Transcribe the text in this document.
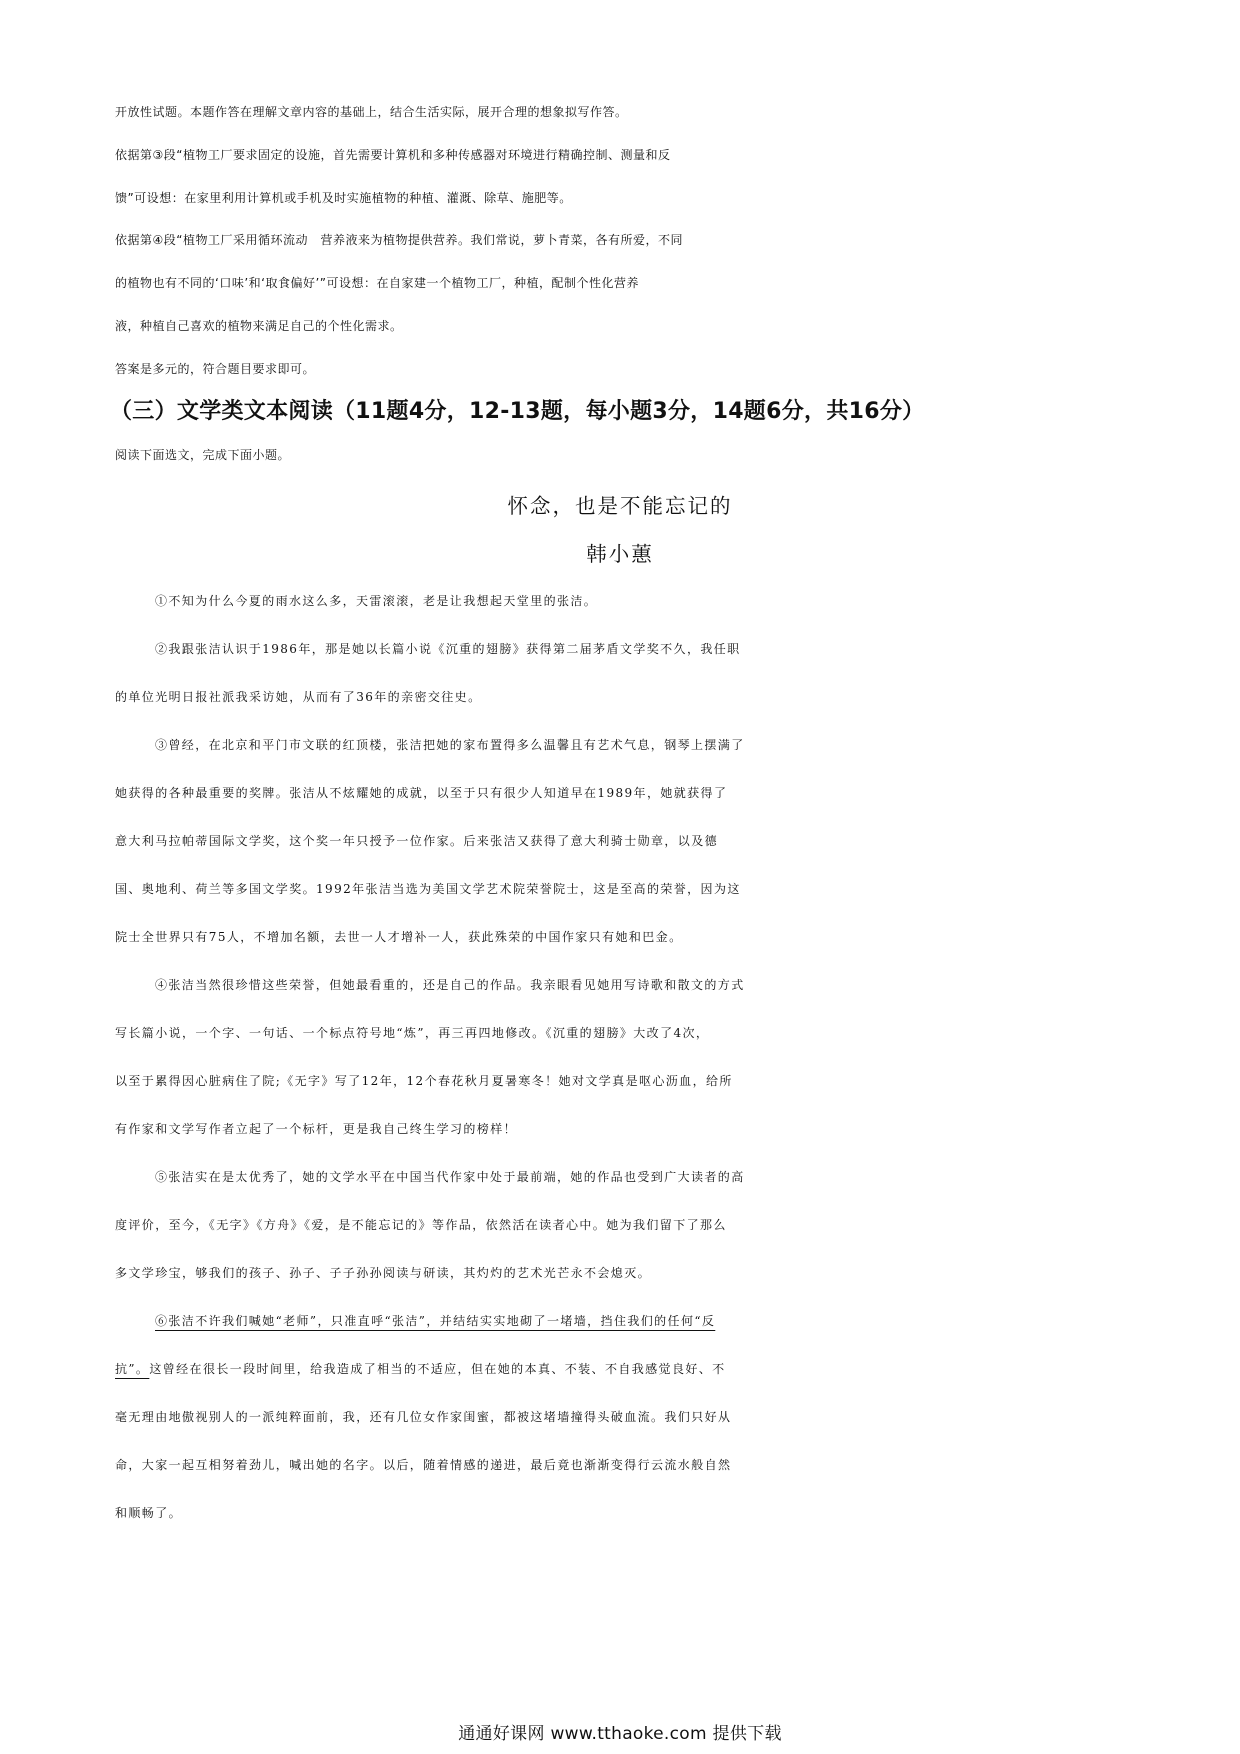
开放性试题。本题作答在理解文章内容的基础上，结合生活实际，展开合理的想象拟写作答。

依据第③段“植物工厂要求固定的设施，首先需要计算机和多种传感器对环境进行精确控制、测量和反

馈”可设想：在家里利用计算机或手机及时实施植物的种植、灌溉、除草、施肥等。

依据第④段“植物工厂采用循环流动　营养液来为植物提供营养。我们常说，萝卜青菜，各有所爱，不同

的植物也有不同的‘口味’和‘取食偏好’”可设想：在自家建一个植物工厂，种植，配制个性化营养

液，种植自己喜欢的植物来满足自己的个性化需求。

答案是多元的，符合题目要求即可。

（三）文学类文本阅读（11题4分，12-13题，每小题3分，14题6分，共16分）

阅读下面选文，完成下面小题。

怀念，也是不能忘记的

韩小蕙

①不知为什么今夏的雨水这么多，天雷滚滚，老是让我想起天堂里的张洁。

②我跟张洁认识于1986年，那是她以长篇小说《沉重的翅膀》获得第二届茅盾文学奖不久，我任职

的单位光明日报社派我采访她，从而有了36年的亲密交往史。

③曾经，在北京和平门市文联的红顶楼，张洁把她的家布置得多么温馨且有艺术气息，钢琴上摆满了

她获得的各种最重要的奖牌。张洁从不炫耀她的成就，以至于只有很少人知道早在1989年，她就获得了

意大利马拉帕蒂国际文学奖，这个奖一年只授予一位作家。后来张洁又获得了意大利骑士勋章，以及德

国、奥地利、荷兰等多国文学奖。1992年张洁当选为美国文学艺术院荣誉院士，这是至高的荣誉，因为这

院士全世界只有75人，不增加名额，去世一人才增补一人，获此殊荣的中国作家只有她和巴金。

④张洁当然很珍惜这些荣誉，但她最看重的，还是自己的作品。我亲眼看见她用写诗歌和散文的方式

写长篇小说，一个字、一句话、一个标点符号地“炼”，再三再四地修改。《沉重的翅膀》大改了4次，

以至于累得因心脏病住了院;《无字》写了12年，12个春花秋月夏暑寒冬！她对文学真是呕心沥血，给所

有作家和文学写作者立起了一个标杆，更是我自己终生学习的榜样！

⑤张洁实在是太优秀了，她的文学水平在中国当代作家中处于最前端，她的作品也受到广大读者的高

度评价，至今，《无字》《方舟》《爱，是不能忘记的》等作品，依然活在读者心中。她为我们留下了那么

多文学珍宝，够我们的孩子、孙子、子子孙孙阅读与研读，其灼灼的艺术光芒永不会熄灭。

⑥张洁不许我们喊她“老师”，只准直呼“张洁”，并结结实实地砌了一堵墙，挡住我们的任何“反

抗”。这曾经在很长一段时间里，给我造成了相当的不适应，但在她的本真、不装、不自我感觉良好、不

毫无理由地傲视别人的一派纯粹面前，我，还有几位女作家闺蜜，都被这堵墙撞得头破血流。我们只好从

命，大家一起互相努着劲儿，喊出她的名字。以后，随着情感的递进，最后竟也渐渐变得行云流水般自然

和顺畅了。

通通好课网 www.tthaoke.com 提供下载
